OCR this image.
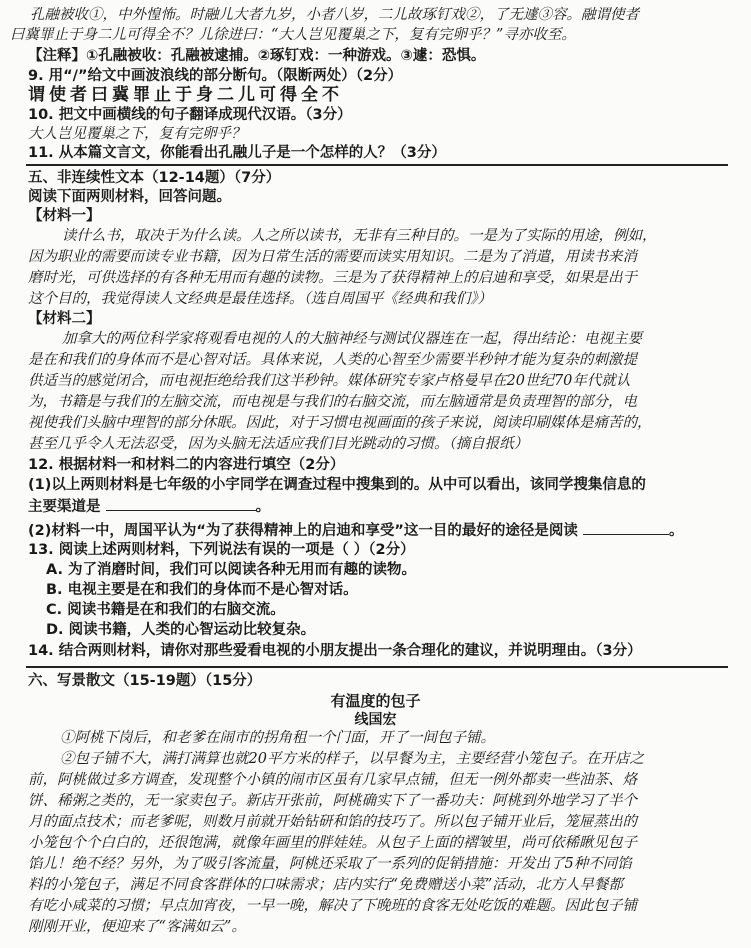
孔融被收①，中外惶怖。时融儿大者九岁，小者八岁，二儿故琢钉戏②，了无遽③容。融谓使者
曰冀罪止于身二儿可得全不？儿徐进曰：“大人岂见覆巢之下，复有完卵乎？”寻亦收至。
【注释】①孔融被收：孔融被逮捕。②琢钉戏：一种游戏。③遽：恐惧。
9. 用“/”给文中画波浪线的部分断句。（限断两处）（2分）
谓使者曰冀罪止于身二儿可得全不
10. 把文中画横线的句子翻译成现代汉语。（3分）
大人岂见覆巢之下，复有完卵乎？
11. 从本篇文言文，你能看出孔融儿子是一个怎样的人？（3分）
五、非连续性文本（12-14题）（7分）
阅读下面两则材料，回答问题。
【材料一】
读什么书，取决于为什么读。人之所以读书，无非有三种目的。一是为了实际的用途，例如，
因为职业的需要而读专业书籍，因为日常生活的需要而读实用知识。二是为了消遣，用读书来消
磨时光，可供选择的有各种无用而有趣的读物。三是为了获得精神上的启迪和享受，如果是出于
这个目的，我觉得读人文经典是最佳选择。（选自周国平《经典和我们》）
【材料二】
加拿大的两位科学家将观看电视的人的大脑神经与测试仪器连在一起，得出结论：电视主要
是在和我们的身体而不是心智对话。具体来说，人类的心智至少需要半秒钟才能为复杂的刺激提
供适当的感觉闭合，而电视拒绝给我们这半秒钟。媒体研究专家卢格曼早在20世纪70年代就认
为，书籍是与我们的左脑交流，而电视是与我们的右脑交流，而左脑通常是负责理智的部分，电
视使我们头脑中理智的部分休眠。因此，对于习惯电视画面的孩子来说，阅读印刷媒体是痛苦的，
甚至几乎令人无法忍受，因为头脑无法适应我们目光跳动的习惯。（摘自报纸）
12. 根据材料一和材料二的内容进行填空（2分）
(1)以上两则材料是七年级的小宇同学在调查过程中搜集到的。从中可以看出，该同学搜集信息的
主要渠道是	。
(2)材料一中，周国平认为“为了获得精神上的启迪和享受”这一目的最好的途径是阅读	。
13. 阅读上述两则材料，下列说法有误的一项是（ ）（2分）
A. 为了消磨时间，我们可以阅读各种无用而有趣的读物。
B. 电视主要是在和我们的身体而不是心智对话。
C. 阅读书籍是在和我们的右脑交流。
D. 阅读书籍，人类的心智运动比较复杂。
14. 结合两则材料，请你对那些爱看电视的小朋友提出一条合理化的建议，并说明理由。（3分）
六、写景散文（15-19题）（15分）
有温度的包子
线国宏
①阿桃下岗后，和老爹在闹市的拐角租一个门面，开了一间包子铺。
②包子铺不大，满打满算也就20平方米的样子，以早餐为主，主要经营小笼包子。在开店之
前，阿桃做过多方调查，发现整个小镇的闹市区虽有几家早点铺，但无一例外都卖一些油茶、烙
饼、稀粥之类的，无一家卖包子。新店开张前，阿桃确实下了一番功夫：阿桃到外地学习了半个
月的面点技术；而老爹呢，则数月前就开始钻研和馅的技巧了。所以包子铺开业后，笼屉蒸出的
小笼包个个白白的，还很饱满，就像年画里的胖娃娃。从包子上面的褶皱里，尚可依稀瞅见包子
馅儿！绝不经？另外，为了吸引客流量，阿桃还采取了一系列的促销措施：开发出了5种不同馅
料的小笼包子，满足不同食客群体的口味需求；店内实行“免费赠送小菜”活动，北方人早餐都
有吃小咸菜的习惯；早点加宵夜，一早一晚，解决了下晚班的食客无处吃饭的难题。因此包子铺
刚刚开业，便迎来了“客满如云”。
